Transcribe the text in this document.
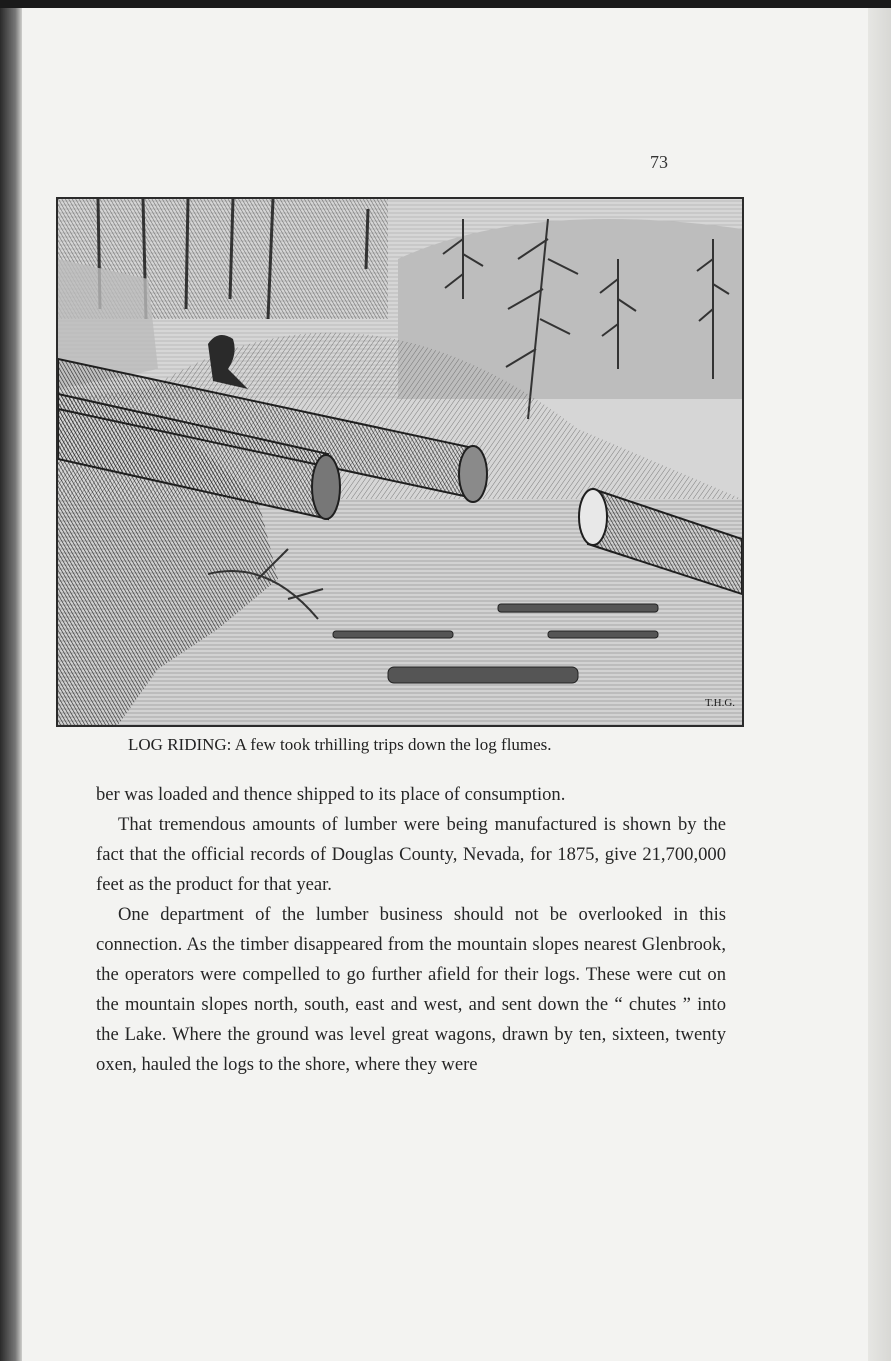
73
T.H.G.
LOG RIDING: A few took trhilling trips down the log flumes.

ber was loaded and thence shipped to its place of consumption.

That tremendous amounts of lumber were being manufactured is shown by the fact that the official records of Douglas County, Nevada, for 1875, give 21,700,000 feet as the product for that year.

One department of the lumber business should not be overlooked in this connection. As the timber disappeared from the mountain slopes nearest Glenbrook, the operators were compelled to go further afield for their logs. These were cut on the mountain slopes north, south, east and west, and sent down the “ chutes ” into the Lake. Where the ground was level great wagons, drawn by ten, sixteen, twenty oxen, hauled the logs to the shore, where they were
